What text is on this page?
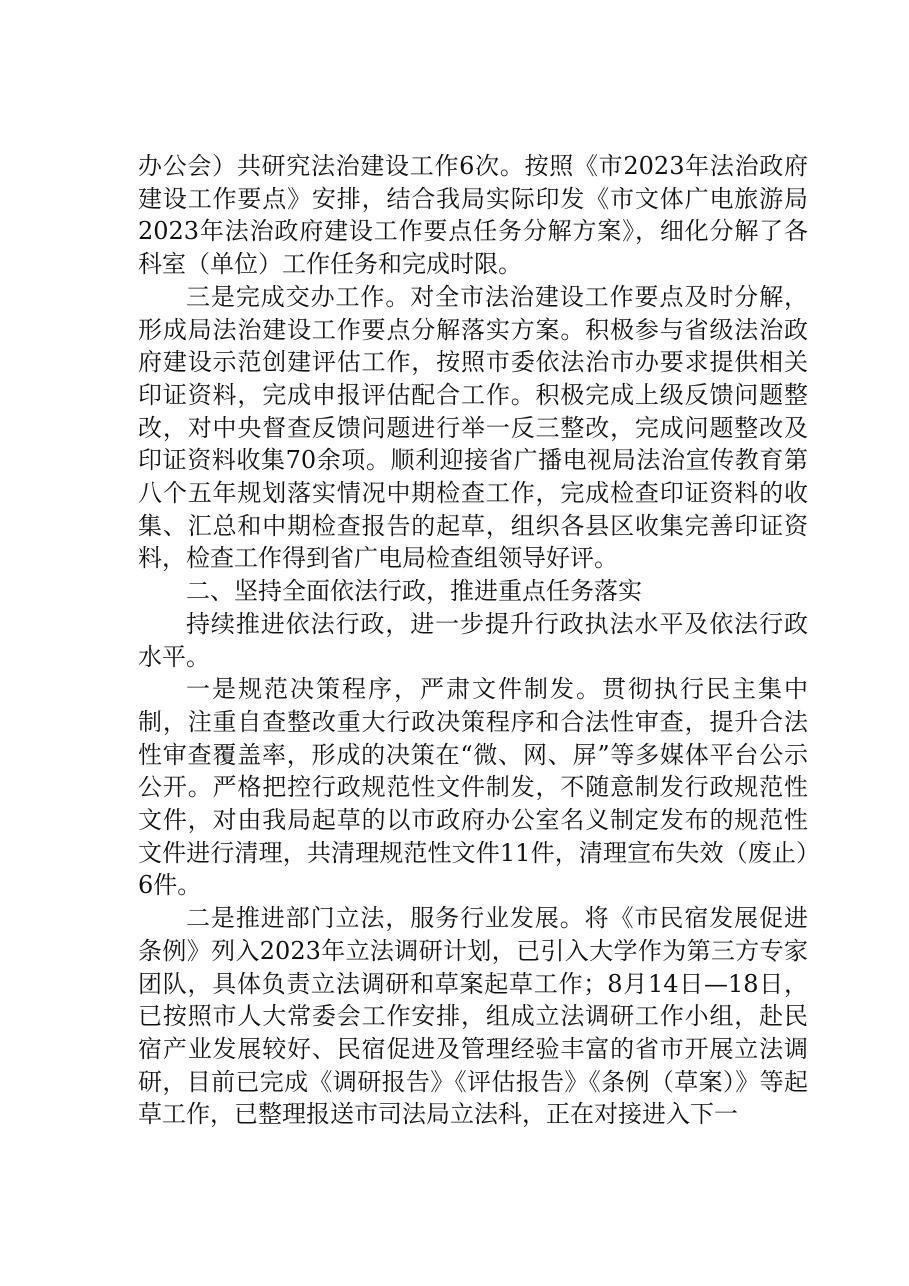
办公会）共研究法治建设工作6次。按照《市2023年法治政府建设工作要点》安排，结合我局实际印发《市文体广电旅游局2023年法治政府建设工作要点任务分解方案》，细化分解了各科室（单位）工作任务和完成时限。

三是完成交办工作。对全市法治建设工作要点及时分解，形成局法治建设工作要点分解落实方案。积极参与省级法治政府建设示范创建评估工作，按照市委依法治市办要求提供相关印证资料，完成申报评估配合工作。积极完成上级反馈问题整改，对中央督查反馈问题进行举一反三整改，完成问题整改及印证资料收集70余项。顺利迎接省广播电视局法治宣传教育第八个五年规划落实情况中期检查工作，完成检查印证资料的收集、汇总和中期检查报告的起草，组织各县区收集完善印证资料，检查工作得到省广电局检查组领导好评。

二、坚持全面依法行政，推进重点任务落实

持续推进依法行政，进一步提升行政执法水平及依法行政水平。

一是规范决策程序，严肃文件制发。贯彻执行民主集中制，注重自查整改重大行政决策程序和合法性审查，提升合法性审查覆盖率，形成的决策在“微、网、屏”等多媒体平台公示公开。严格把控行政规范性文件制发，不随意制发行政规范性文件，对由我局起草的以市政府办公室名义制定发布的规范性文件进行清理，共清理规范性文件11件，清理宣布失效（废止）6件。

二是推进部门立法，服务行业发展。将《市民宿发展促进条例》列入2023年立法调研计划，已引入大学作为第三方专家团队，具体负责立法调研和草案起草工作；8月14日—18日，已按照市人大常委会工作安排，组成立法调研工作小组，赴民宿产业发展较好、民宿促进及管理经验丰富的省市开展立法调研，目前已完成《调研报告》《评估报告》《条例（草案）》等起草工作，已整理报送市司法局立法科，正在对接进入下一
